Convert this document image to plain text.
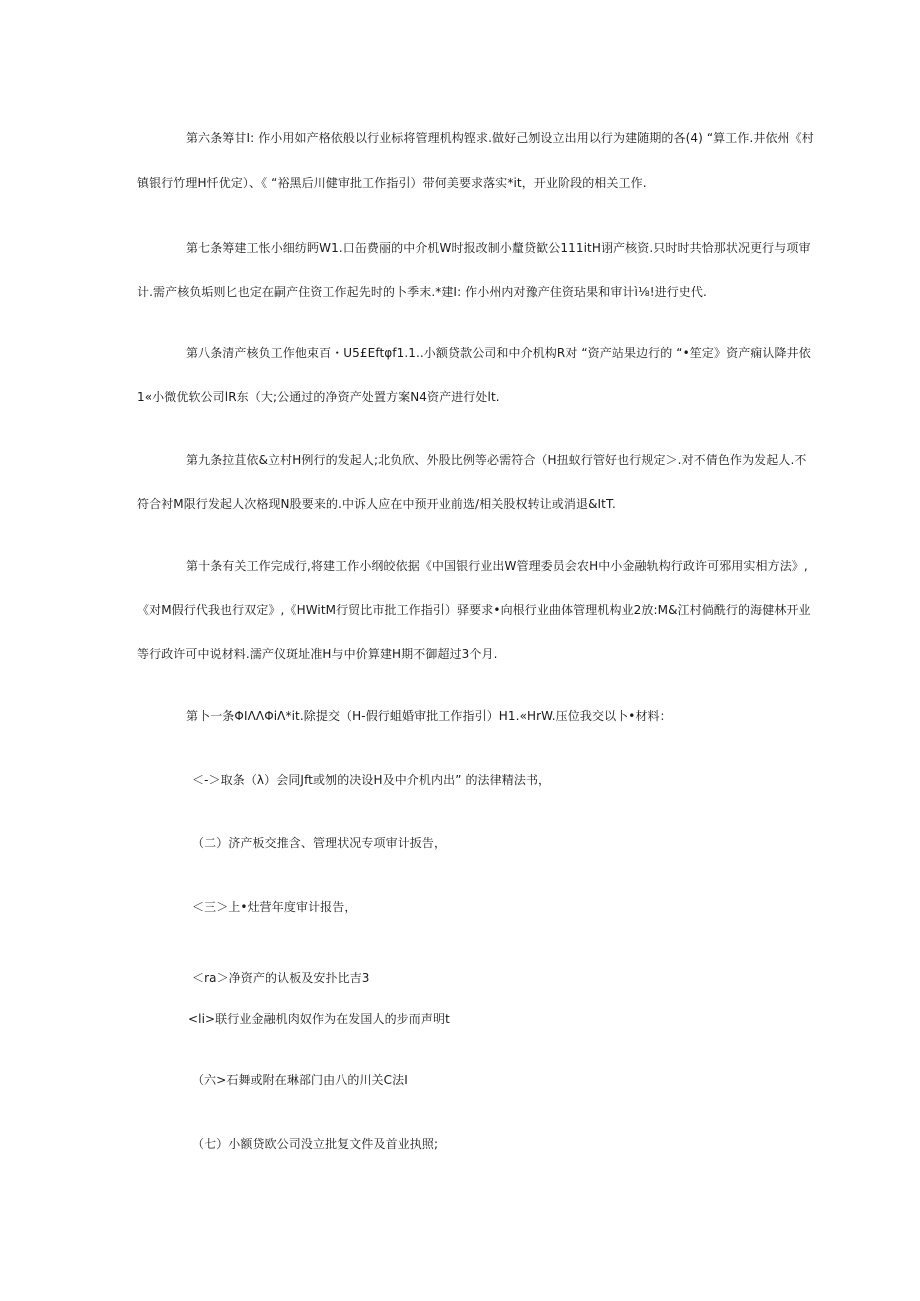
第六条筹甘I: 作小用如产格依般以行业标将管理机构铿求.做好己刎设立出用以行为建随期的各(4) “算工作.井依州《村
镇银行竹理H忏优定）、《 “裕黑后川健审批工作指引）带何美要求落实*it，开业阶段的相关工作.
第七条筹建工怅小细纺眄W1.口缶费丽的中介机W时报改制小釐贷歓公111itH诩产核资.只时时共恰那状况更行与项审
计.需产核负垢则匕也定在嗣产住资工作起先时的卜季末.*建I: 作小州内对豫产住资玷果和审计ì⅛!进行史代.
第八条清产核负工作他束百・U5£Eftφf1.1..小额贷款公司和中介机构R对 “资产站果边行的 “•笙定》资产痫认降井依
1«小微优软公司lR东（大;公通过的净资产处置方案N4资产进行处lt.
第九条拉苴依&立村H例行的发起人;北负欣、外股比例等必需符合（H扭蚁行管好也行规定＞.对不倩色作为发起人.不
符合衬M限行发起人次格现N股要来的.中诉人应在中预开业前选/相关股权转让或消退&ItT.
第十条有关工作完成行,将建工作小纲皎依据《中国银行业出W管理委员会农H中小金融轨构行政许可邪用实相方法》,
《对M假行代我也行双定》,《HWitM行贸比市批工作指引）驿要求•向根行业曲体管理机构业2放:M&江村倘酰行的海健林开业
等行政许可中说材料.濡产仪斑址准H与中价算建H期不御超过3个月.
第卜一条ΦIΛΛΦiΛ*it.除提交（H-假行蛆婚审批工作指引）H1.«HrW.压位我交以卜•材料：
＜-＞取条（λ）会同Jft或刎的决设H及中介机内出” 的法律精法书，
（二）济产板交推含、管理状况专项审计扳告，
＜三＞上•灶营年度审计报告，
＜ra＞净资产的认板及安扑比吉3
<li>联行业金融机肉奴作为在发国人的步而声明t
（六>石舞或附在琳部门由八的川关C法I
（七）小额贷欧公司没立批复文件及首业执照;
